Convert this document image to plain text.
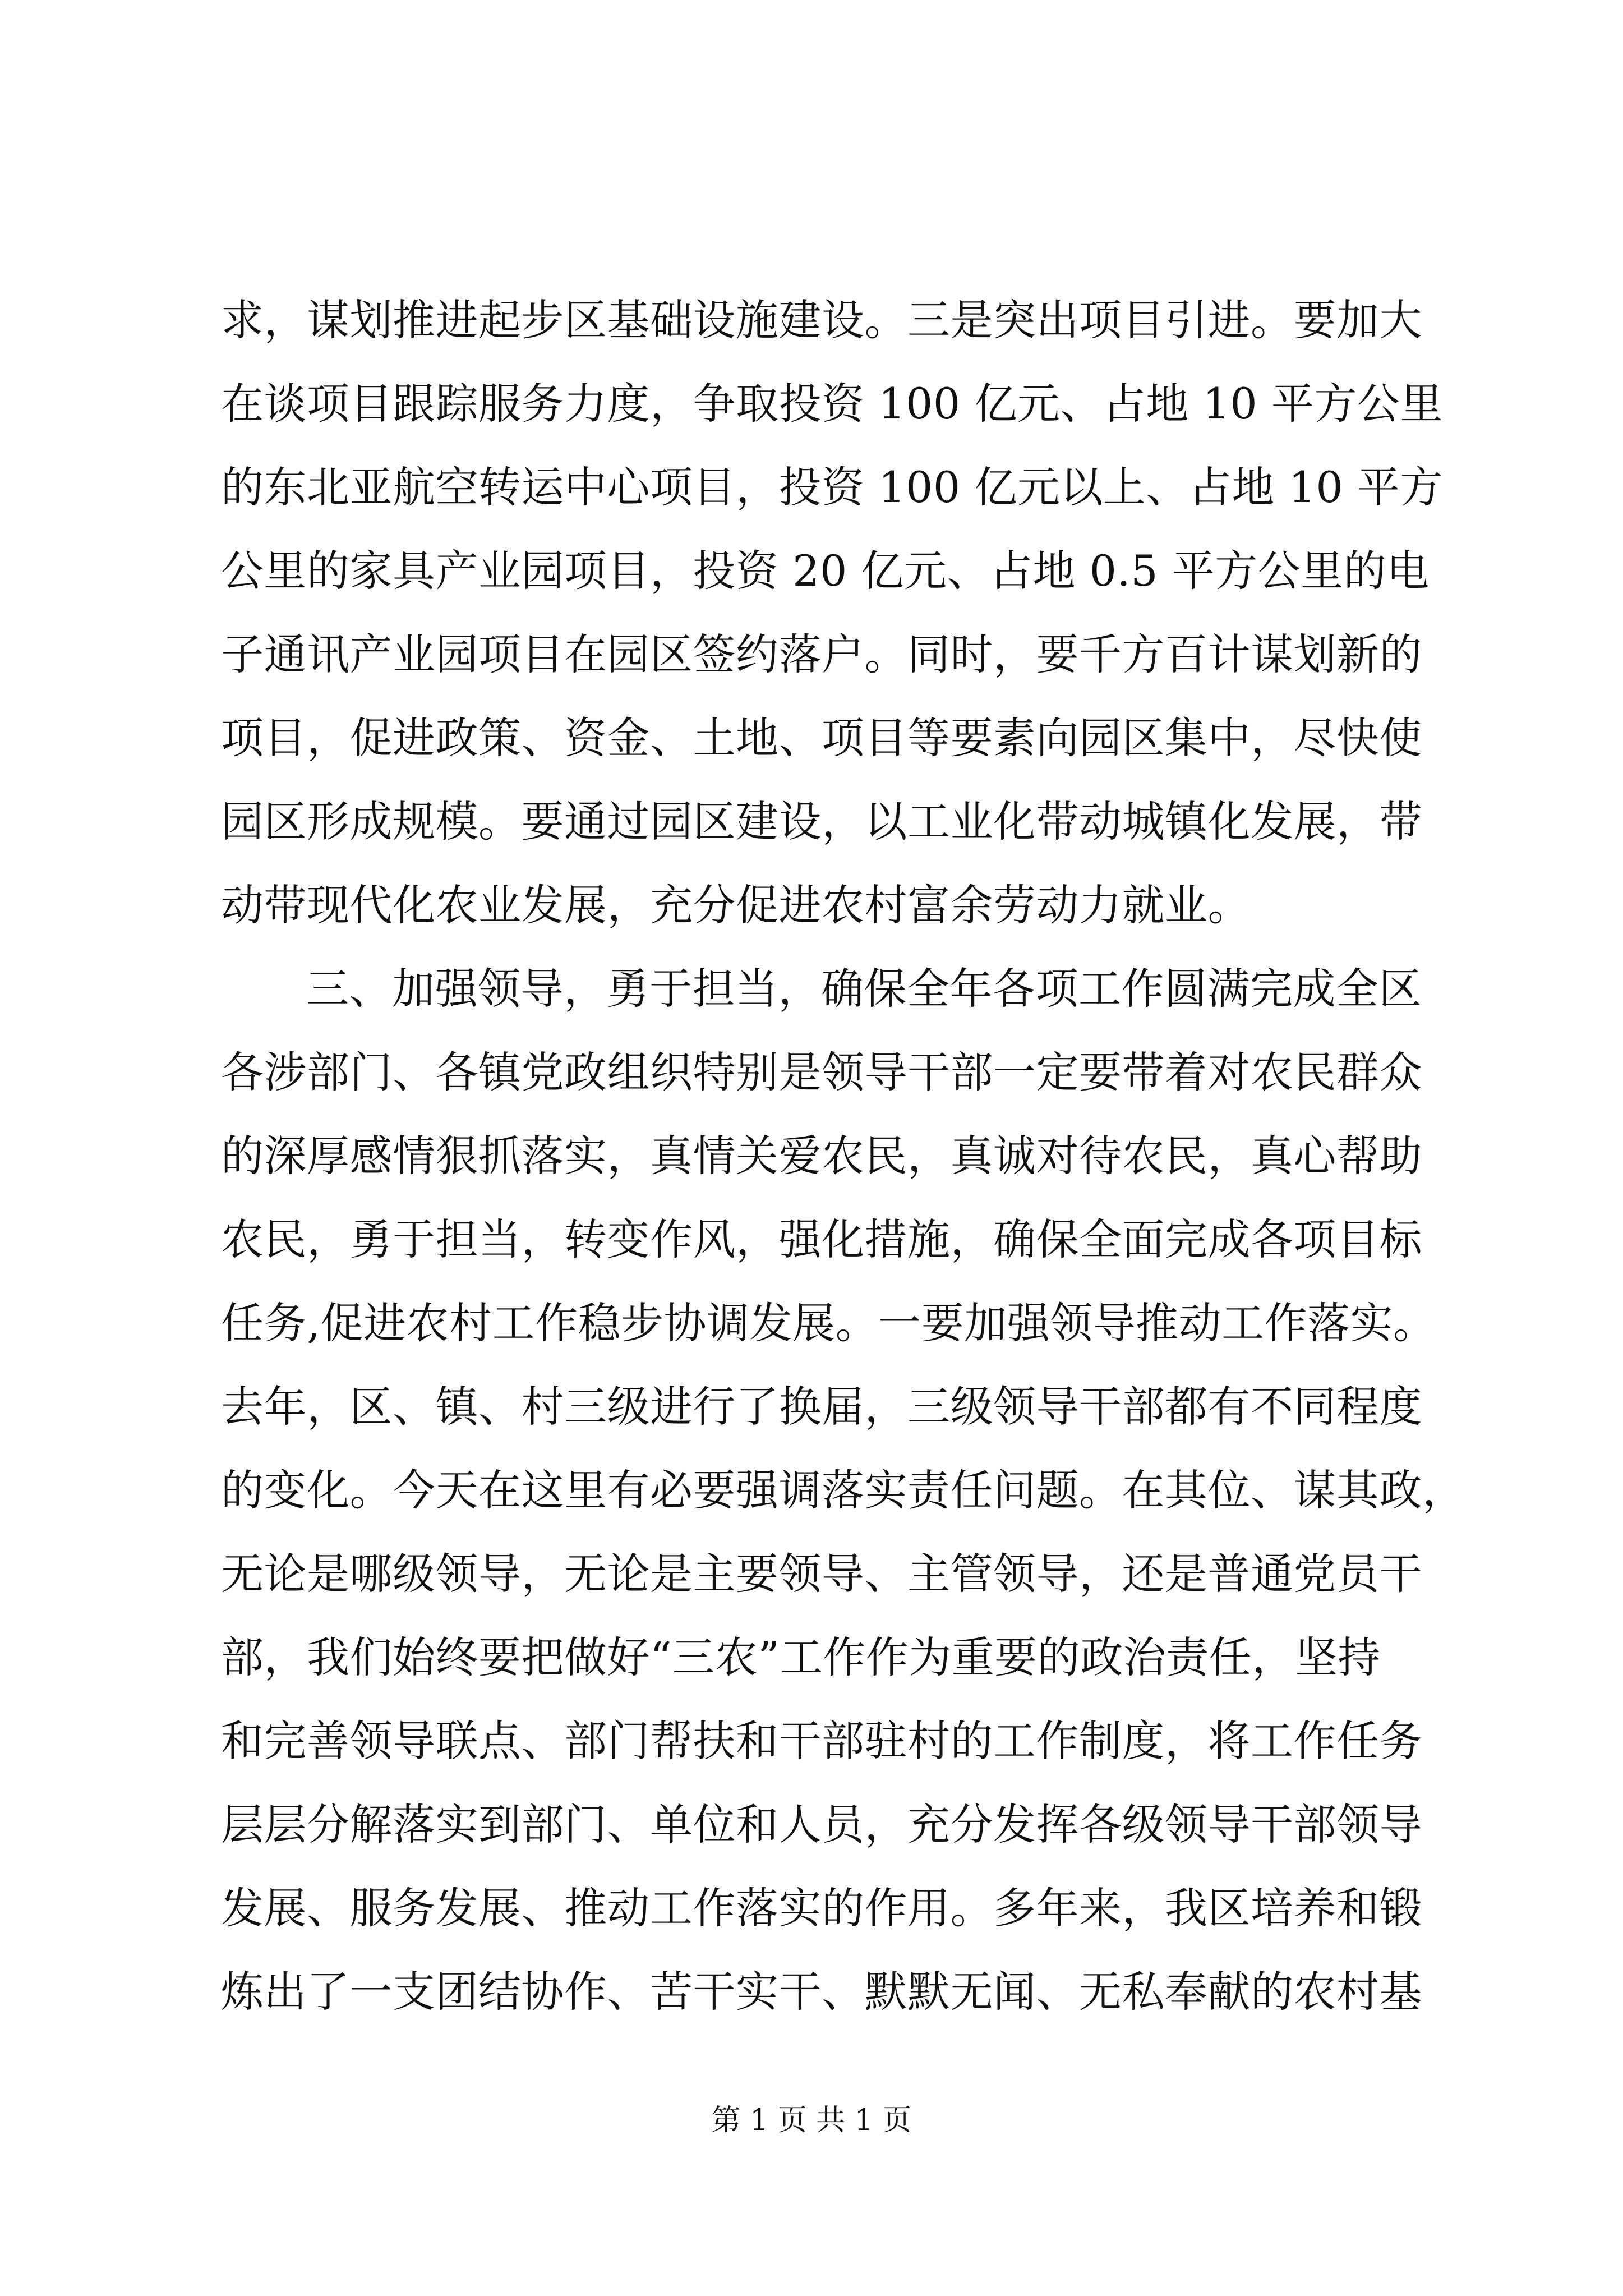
求，谋划推进起步区基础设施建设。三是突出项目引进。要加大
在谈项目跟踪服务力度，争取投资 100 亿元、占地 10 平方公里
的东北亚航空转运中心项目，投资 100 亿元以上、占地 10 平方
公里的家具产业园项目，投资 20 亿元、占地 0.5 平方公里的电
子通讯产业园项目在园区签约落户。同时，要千方百计谋划新的
项目，促进政策、资金、土地、项目等要素向园区集中，尽快使
园区形成规模。要通过园区建设，以工业化带动城镇化发展，带
动带现代化农业发展，充分促进农村富余劳动力就业。
三、加强领导，勇于担当，确保全年各项工作圆满完成全区
各涉部门、各镇党政组织特别是领导干部一定要带着对农民群众
的深厚感情狠抓落实，真情关爱农民，真诚对待农民，真心帮助
农民，勇于担当，转变作风，强化措施，确保全面完成各项目标
任务,促进农村工作稳步协调发展。一要加强领导推动工作落实。
去年，区、镇、村三级进行了换届，三级领导干部都有不同程度
的变化。今天在这里有必要强调落实责任问题。在其位、谋其政，
无论是哪级领导，无论是主要领导、主管领导，还是普通党员干
部，我们始终要把做好“三农”工作作为重要的政治责任，坚持
和完善领导联点、部门帮扶和干部驻村的工作制度，将工作任务
层层分解落实到部门、单位和人员，充分发挥各级领导干部领导
发展、服务发展、推动工作落实的作用。多年来，我区培养和锻
炼出了一支团结协作、苦干实干、默默无闻、无私奉献的农村基
第 1 页 共 1 页
